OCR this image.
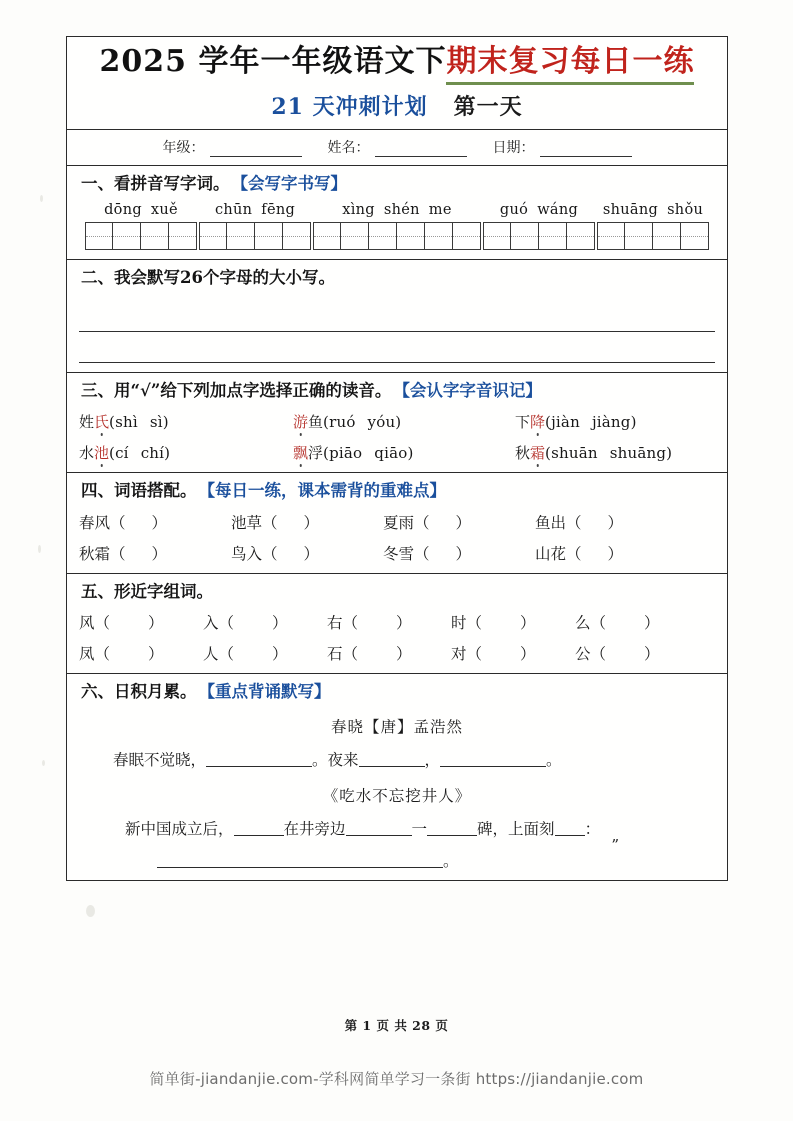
2025 学年一年级语文下期末复习每日一练
21 天冲刺计划 第一天
年级：	姓名：	日期：
一、看拼音写字词。 【会写字书写】
dōng xuě	chūn fēng	xìng shén me	guó wáng	shuāng shǒu
二、我会默写26个字母的大小写。
三、用“√”给下列加点字选择正确的读音。 【会认字字音识记】
姓氏(shì sì)	游鱼(ruó yóu)	下降(jiàn jiàng)
水池(cí chí)	飘浮(piāo qiāo)	秋霜(shuān shuāng)
四、词语搭配。 【每日一练，课本需背的重难点】
春风（ ）	池草（ ）	夏雨（ ）	鱼出（ ）
秋霜（ ）	鸟入（ ）	冬雪（ ）	山花（ ）
五、形近字组词。
风（ ）	入（ ）	右（ ）	时（ ）	么（ ）
凤（ ）	人（ ）	石（ ）	对（ ）	公（ ）
六、日积月累。 【重点背诵默写】
春晓【唐】孟浩然
春眠不觉晓，	。夜来	，	。
《吃水不忘挖井人》
新中国成立后，	在井旁边	一	碑，上面刻 ：
”
。
第 1 页 共 28 页
简单街-jiandanjie.com-学科网简单学习一条街 https://jiandanjie.com
